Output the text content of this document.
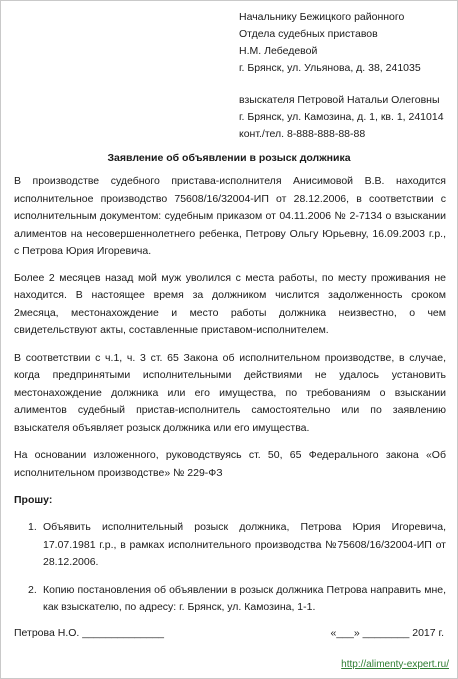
Начальнику Бежицкого районного
Отдела судебных приставов
Н.М. Лебедевой
г. Брянск, ул. Ульянова, д. 38, 241035
взыскателя Петровой Натальи Олеговны
г. Брянск, ул. Камозина, д. 1, кв. 1, 241014
конт./тел. 8-888-888-88-88
Заявление об объявлении в розыск должника

В производстве судебного пристава-исполнителя Анисимовой В.В. находится исполнительное производство 75608/16/32004-ИП от 28.12.2006, в соответствии с исполнительным документом: судебным приказом от 04.11.2006 № 2-7134 о взыскании алиментов на несовершеннолетнего ребенка, Петрову Ольгу Юрьевну, 16.09.2003 г.р., с Петрова Юрия Игоревича.

Более 2 месяцев назад мой муж уволился с места работы, по месту проживания не находится. В настоящее время за должником числится задолженность сроком 2месяца, местонахождение и место работы должника неизвестно, о чем свидетельствуют акты, составленные приставом-исполнителем.

В соответствии с ч.1, ч. 3 ст. 65 Закона об исполнительном производстве, в случае, когда предпринятыми исполнительными действиями не удалось установить местонахождение должника или его имущества, по требованиям о взыскании алиментов судебный пристав-исполнитель самостоятельно или по заявлению взыскателя объявляет розыск должника или его имущества.

На основании изложенного, руководствуясь ст. 50, 65 Федерального закона «Об исполнительном производстве» № 229-ФЗ

Прошу:
1. Объявить исполнительный розыск должника, Петрова Юрия Игоревича, 17.07.1981 г.р., в рамках исполнительного производства №75608/16/32004-ИП от 28.12.2006.
2. Копию постановления об объявлении в розыск должника Петрова направить мне, как взыскателю, по адресу: г. Брянск, ул. Камозина, 1-1.
Петрова Н.О. ______________	«___» ________ 2017 г.
http://alimenty-expert.ru/
